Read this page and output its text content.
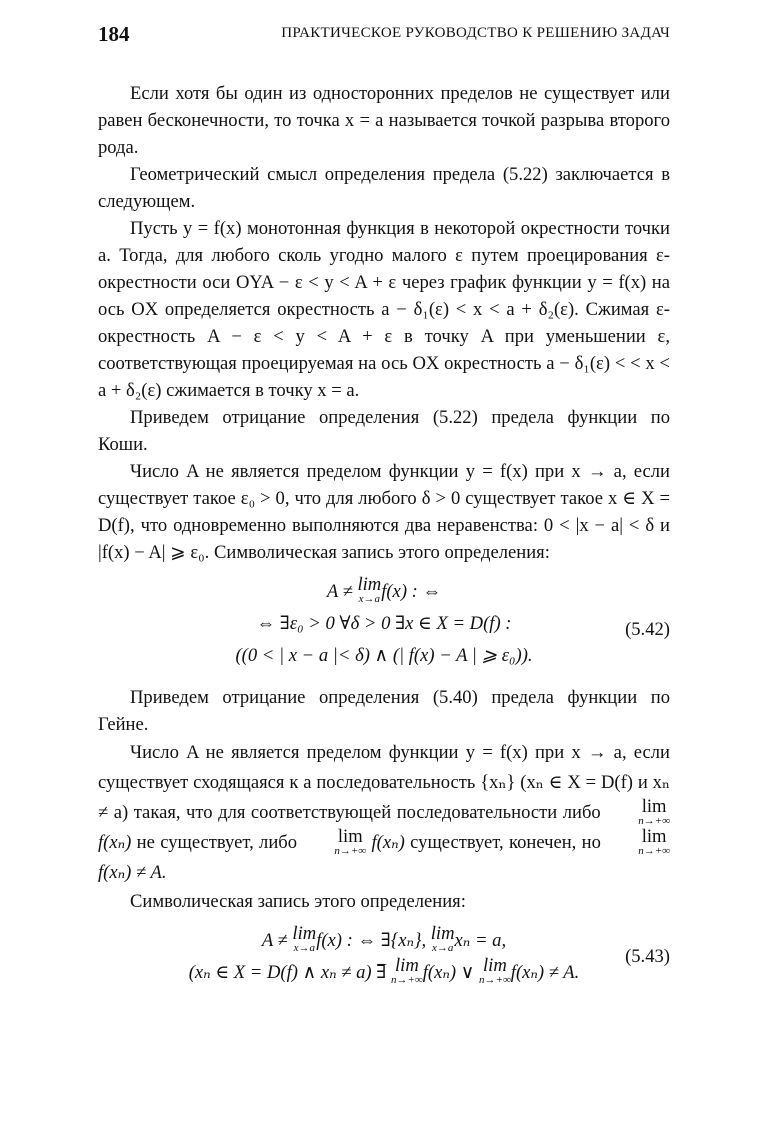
184	ПРАКТИЧЕСКОЕ РУКОВОДСТВО К РЕШЕНИЮ ЗАДАЧ

Если хотя бы один из односторонних пределов не существует или равен бесконечности, то точка x = a называется точкой разрыва второго рода.

Геометрический смысл определения предела (5.22) заключается в следующем.

Пусть y = f(x) монотонная функция в некоторой окрестности точки a. Тогда, для любого сколь угодно малого ε путем проецирования ε-окрестности оси OYA − ε < y < A + ε через график функции y = f(x) на ось OX определяется окрестность a − δ₁(ε) < x < a + δ₂(ε). Сжимая ε-окрестность A − ε < y < A + ε в точку A при уменьшении ε, соответствующая проецируемая на ось OX окрестность a − δ₁(ε) < < x < a + δ₂(ε) сжимается в точку x = a.

Приведем отрицание определения (5.22) предела функции по Коши.

Число A не является пределом функции y = f(x) при x → a, если существует такое ε₀ > 0, что для любого δ > 0 существует такое x ∈ X = D(f), что одновременно выполняются два неравенства: 0 < |x − a| < δ и |f(x) − A| ⩾ ε₀. Символическая запись этого определения:

A ≠ lim
x→a f(x) : ⇔
⇔ ∃ε₀ > 0 ∀δ > 0 ∃x ∈ X = D(f) :
((0 < | x − a |< δ) ∧ (| f(x) − A | ⩾ ε₀)).
(5.42)

Приведем отрицание определения (5.40) предела функции по Гейне.

Число A не является пределом функции y = f(x) при x → a, если существует сходящаяся к a последовательность {xₙ} (xₙ ∈ X = D(f) и xₙ ≠ a) такая, что для соответствующей последовательности либо lim
n→+∞
f(xₙ) не существует, либо lim
n→+∞ f(xₙ) существует, конечен, но lim
n→+∞
f(xₙ) ≠ A.

Символическая запись этого определения:

A ≠ lim
x→a f(x) : ⇔ ∃{xₙ}, lim
x→a xₙ = a,
(xₙ ∈ X = D(f) ∧ xₙ ≠ a) ∃̅ lim
n→+∞ f(xₙ) ∨ lim
n→+∞ f(xₙ) ≠ A.
(5.43)
